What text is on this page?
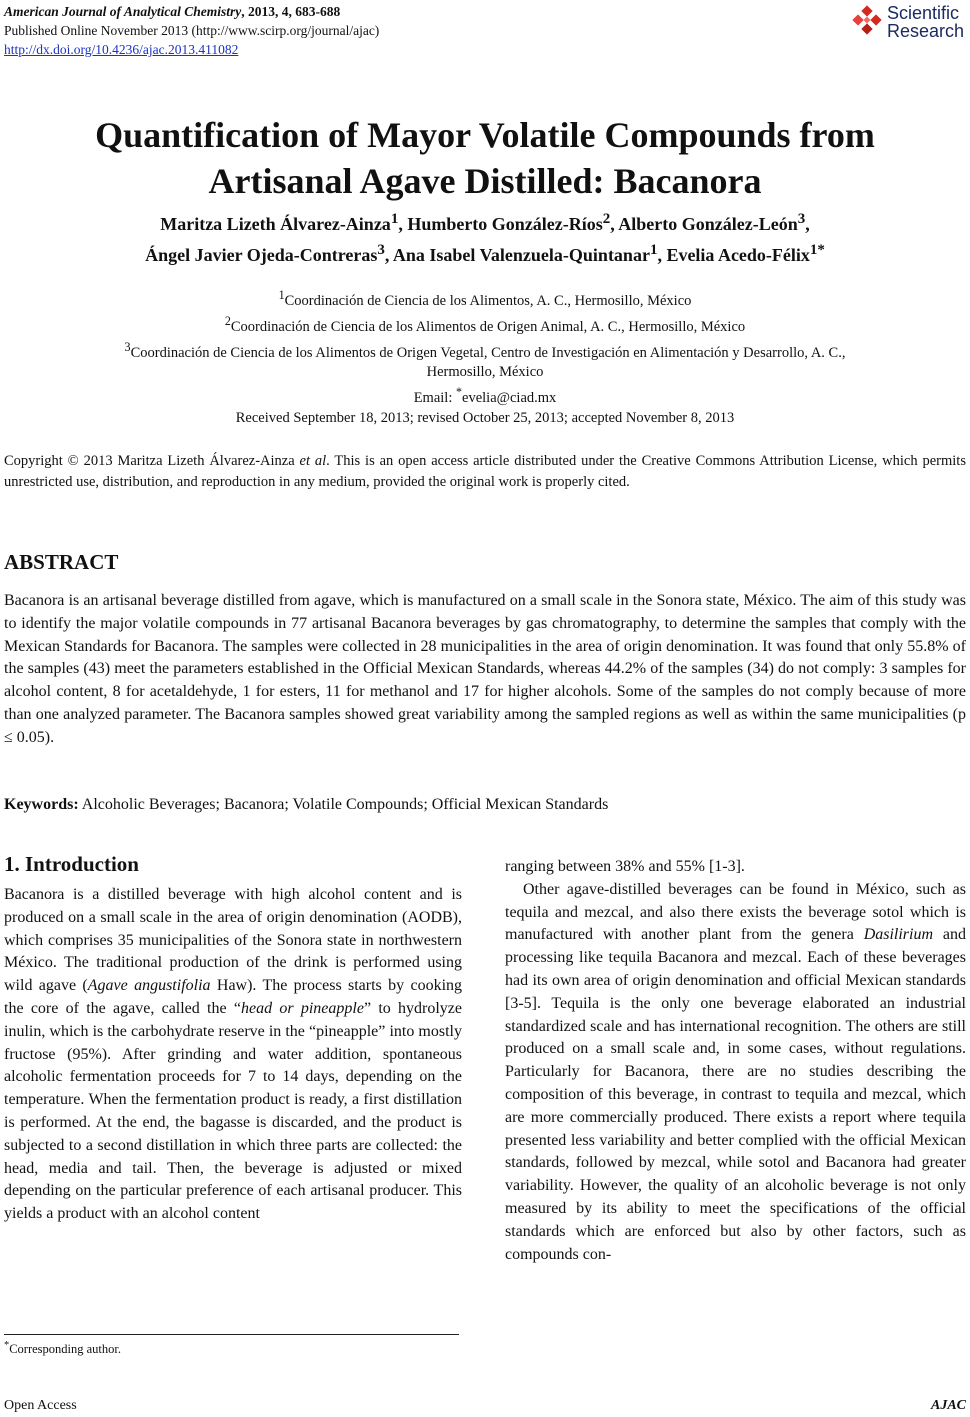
American Journal of Analytical Chemistry, 2013, 4, 683-688
Published Online November 2013 (http://www.scirp.org/journal/ajac)
http://dx.doi.org/10.4236/ajac.2013.411082
Scientific
Research
Quantification of Mayor Volatile Compounds from
Artisanal Agave Distilled: Bacanora
Maritza Lizeth Álvarez-Ainza$^1$, Humberto González-Ríos$^2$, Alberto González-León$^3$,
Ángel Javier Ojeda-Contreras$^3$, Ana Isabel Valenzuela-Quintanar$^1$, Evelia Acedo-Félix$^{1*}$
$^1$Coordinación de Ciencia de los Alimentos, A. C., Hermosillo, México
$^2$Coordinación de Ciencia de los Alimentos de Origen Animal, A. C., Hermosillo, México
$^3$Coordinación de Ciencia de los Alimentos de Origen Vegetal, Centro de Investigación en Alimentación y Desarrollo, A. C.,
Hermosillo, México
Email: *evelia@ciad.mx
Received September 18, 2013; revised October 25, 2013; accepted November 8, 2013
Copyright © 2013 Maritza Lizeth Álvarez-Ainza et al. This is an open access article distributed under the Creative Commons Attribution License, which permits unrestricted use, distribution, and reproduction in any medium, provided the original work is properly cited.
ABSTRACT
Bacanora is an artisanal beverage distilled from agave, which is manufactured on a small scale in the Sonora state, México. The aim of this study was to identify the major volatile compounds in 77 artisanal Bacanora beverages by gas chromatography, to determine the samples that comply with the Mexican Standards for Bacanora. The samples were collected in 28 municipalities in the area of origin denomination. It was found that only 55.8% of the samples (43) meet the parameters established in the Official Mexican Standards, whereas 44.2% of the samples (34) do not comply: 3 samples for alcohol content, 8 for acetaldehyde, 1 for esters, 11 for methanol and 17 for higher alcohols. Some of the samples do not comply because of more than one analyzed parameter. The Bacanora samples showed great variability among the sampled regions as well as within the same municipalities (p ≤ 0.05).
Keywords: Alcoholic Beverages; Bacanora; Volatile Compounds; Official Mexican Standards
1. Introduction

Bacanora is a distilled beverage with high alcohol content and is produced on a small scale in the area of origin denomination (AODB), which comprises 35 municipalities of the Sonora state in northwestern México. The traditional production of the drink is performed using wild agave (Agave angustifolia Haw). The process starts by cooking the core of the agave, called the “head or pineapple” to hydrolyze inulin, which is the carbohydrate reserve in the “pineapple” into mostly fructose (95%). After grinding and water addition, spontaneous alcoholic fermentation proceeds for 7 to 14 days, depending on the temperature. When the fermentation product is ready, a first distillation is performed. At the end, the bagasse is discarded, and the product is subjected to a second distillation in which three parts are collected: the head, media and tail. Then, the beverage is adjusted or mixed depending on the particular preference of each artisanal producer. This yields a product with an alcohol content

ranging between 38% and 55% [1-3].

Other agave-distilled beverages can be found in México, such as tequila and mezcal, and also there exists the beverage sotol which is manufactured with another plant from the genera Dasilirium and processing like tequila Bacanora and mezcal. Each of these beverages had its own area of origin denomination and official Mexican standards [3-5]. Tequila is the only one beverage elaborated an industrial standardized scale and has international recognition. The others are still produced on a small scale and, in some cases, without regulations. Particularly for Bacanora, there are no studies describing the composition of this beverage, in contrast to tequila and mezcal, which are more commercially produced. There exists a report where tequila presented less variability and better complied with the official Mexican standards, followed by mezcal, while sotol and Bacanora had greater variability. However, the quality of an alcoholic beverage is not only measured by its ability to meet the specifications of the official standards which are enforced but also by other factors, such as compounds con-

*Corresponding author.
Open Access	AJAC
